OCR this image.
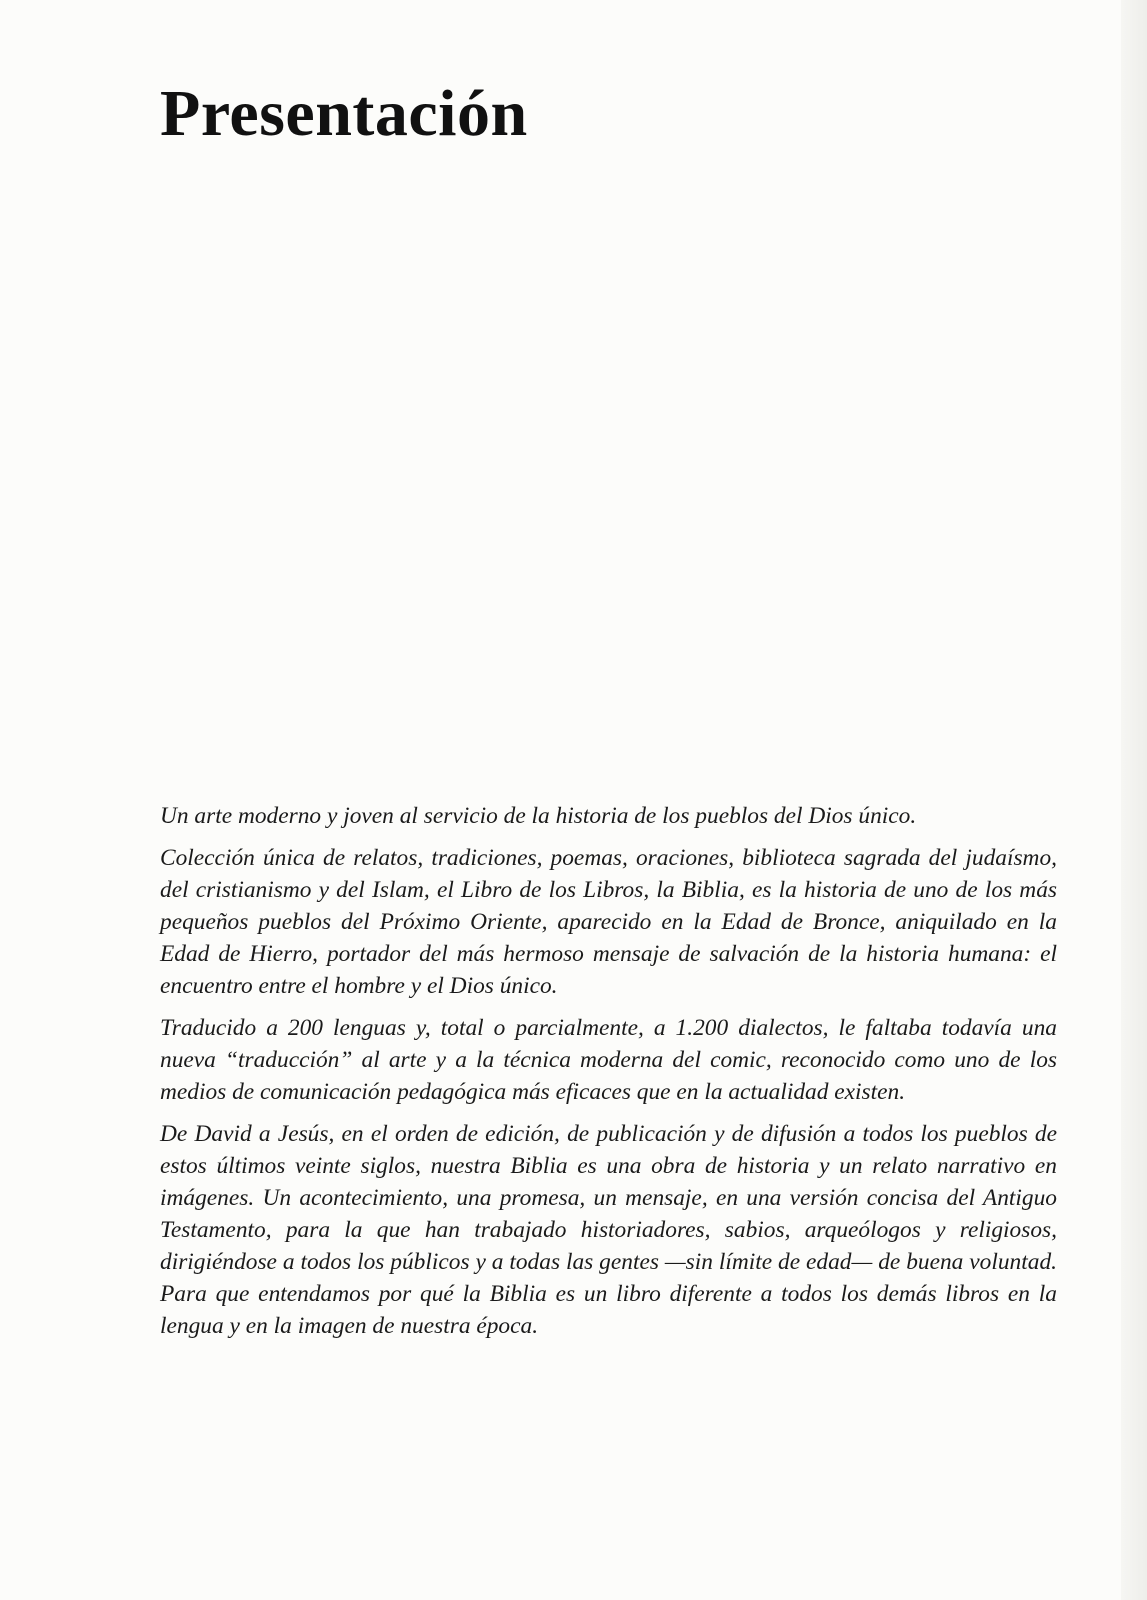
Presentación

Un arte moderno y joven al servicio de la historia de los pueblos del Dios único.

Colección única de relatos, tradiciones, poemas, oraciones, biblioteca sagrada del judaísmo, del cristianismo y del Islam, el Libro de los Libros, la Biblia, es la historia de uno de los más pequeños pueblos del Próximo Oriente, aparecido en la Edad de Bronce, aniquilado en la Edad de Hierro, portador del más hermoso mensaje de salvación de la historia humana: el encuentro entre el hombre y el Dios único.

Traducido a 200 lenguas y, total o parcialmente, a 1.200 dialectos, le faltaba todavía una nueva “traducción” al arte y a la técnica moderna del comic, reconocido como uno de los medios de comunicación pedagógica más eficaces que en la actualidad existen.

De David a Jesús, en el orden de edición, de publicación y de difusión a todos los pueblos de estos últimos veinte siglos, nuestra Biblia es una obra de historia y un relato narrativo en imágenes. Un acontecimiento, una promesa, un mensaje, en una versión concisa del Antiguo Testamento, para la que han trabajado historiadores, sabios, arqueólogos y religiosos, dirigiéndose a todos los públicos y a todas las gentes —sin límite de edad— de buena voluntad. Para que entendamos por qué la Biblia es un libro diferente a todos los demás libros en la lengua y en la imagen de nuestra época.
